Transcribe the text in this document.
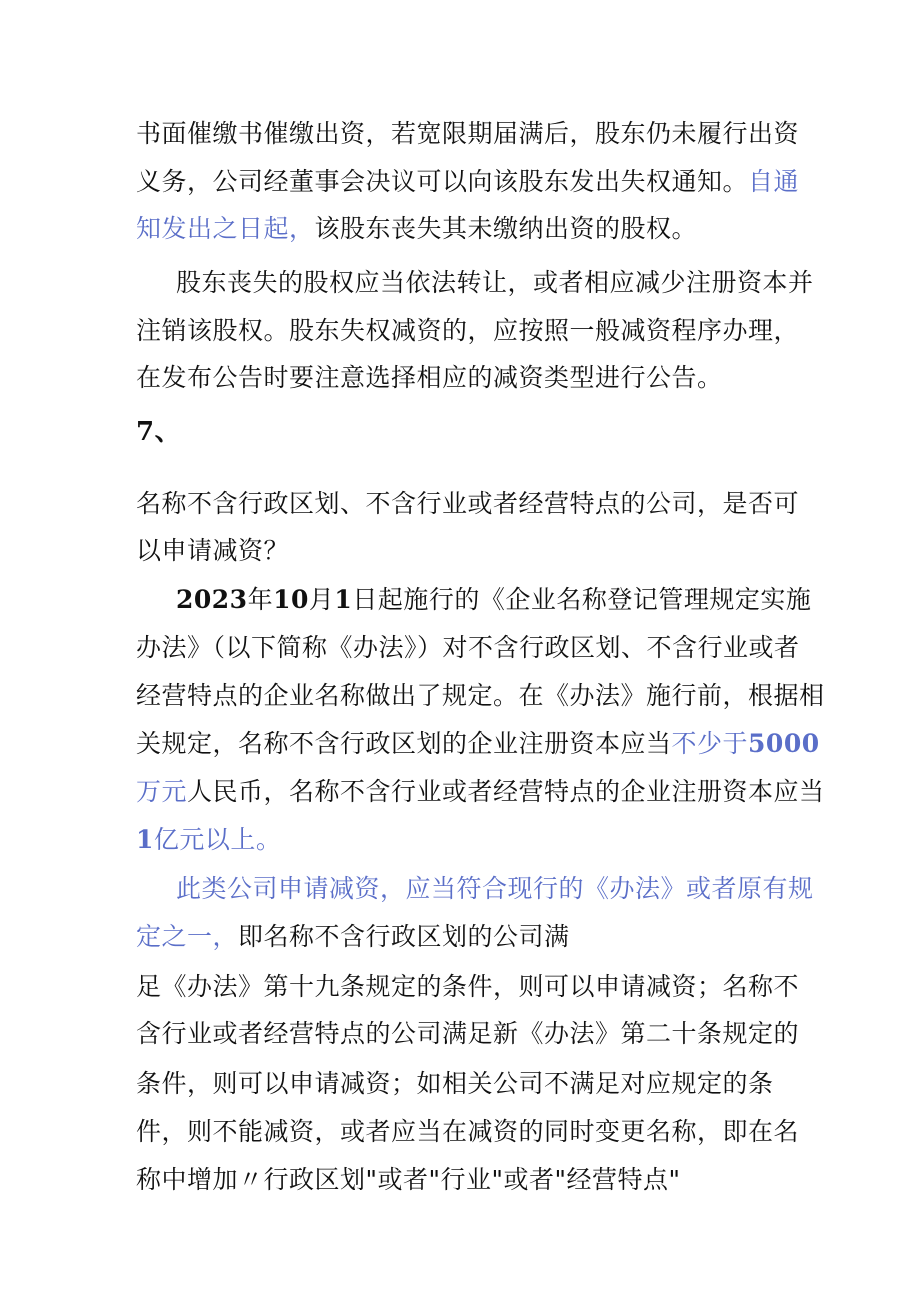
书面催缴书催缴出资，若宽限期届满后，股东仍未履行出资
义务，公司经董事会决议可以向该股东发出失权通知。自通
知发出之日起，该股东丧失其未缴纳出资的股权。
股东丧失的股权应当依法转让，或者相应减少注册资本并
注销该股权。股东失权减资的，应按照一般减资程序办理，
在发布公告时要注意选择相应的减资类型进行公告。
7、
名称不含行政区划、不含行业或者经营特点的公司，是否可
以申请减资？
2023年10月1日起施行的《企业名称登记管理规定实施
办法》（以下简称《办法》）对不含行政区划、不含行业或者
经营特点的企业名称做出了规定。在《办法》施行前，根据相
关规定，名称不含行政区划的企业注册资本应当不少于5000
万元人民币，名称不含行业或者经营特点的企业注册资本应当
1亿元以上。
此类公司申请减资，应当符合现行的《办法》或者原有规
定之一，即名称不含行政区划的公司满
足《办法》第十九条规定的条件，则可以申请减资；名称不
含行业或者经营特点的公司满足新《办法》第二十条规定的
条件，则可以申请减资；如相关公司不满足对应规定的条
件，则不能减资，或者应当在减资的同时变更名称，即在名
称中增加〃行政区划"或者"行业"或者"经营特点"
